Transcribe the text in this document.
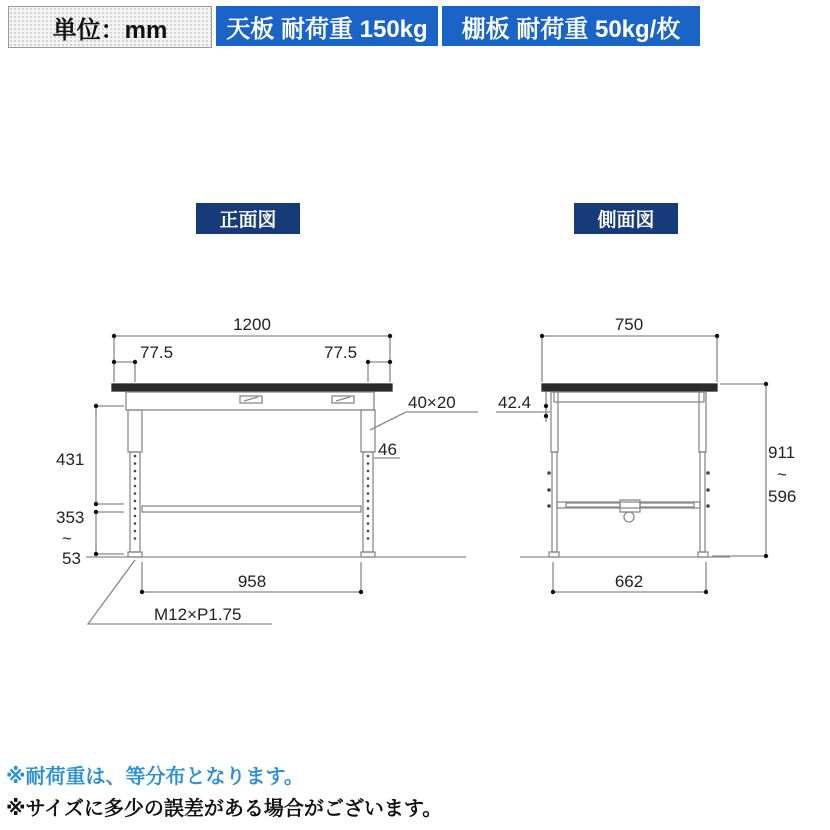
単位：mm	天板 耐荷重 150kg	棚板 耐荷重 50kg/枚
正面図	側面図
1200
77.5	77.5
40×20
46
431
353
~
53
958
M12×P1.75
750
42.4
911
~
596
662
※耐荷重は、等分布となります。
※サイズに多少の誤差がある場合がございます。
